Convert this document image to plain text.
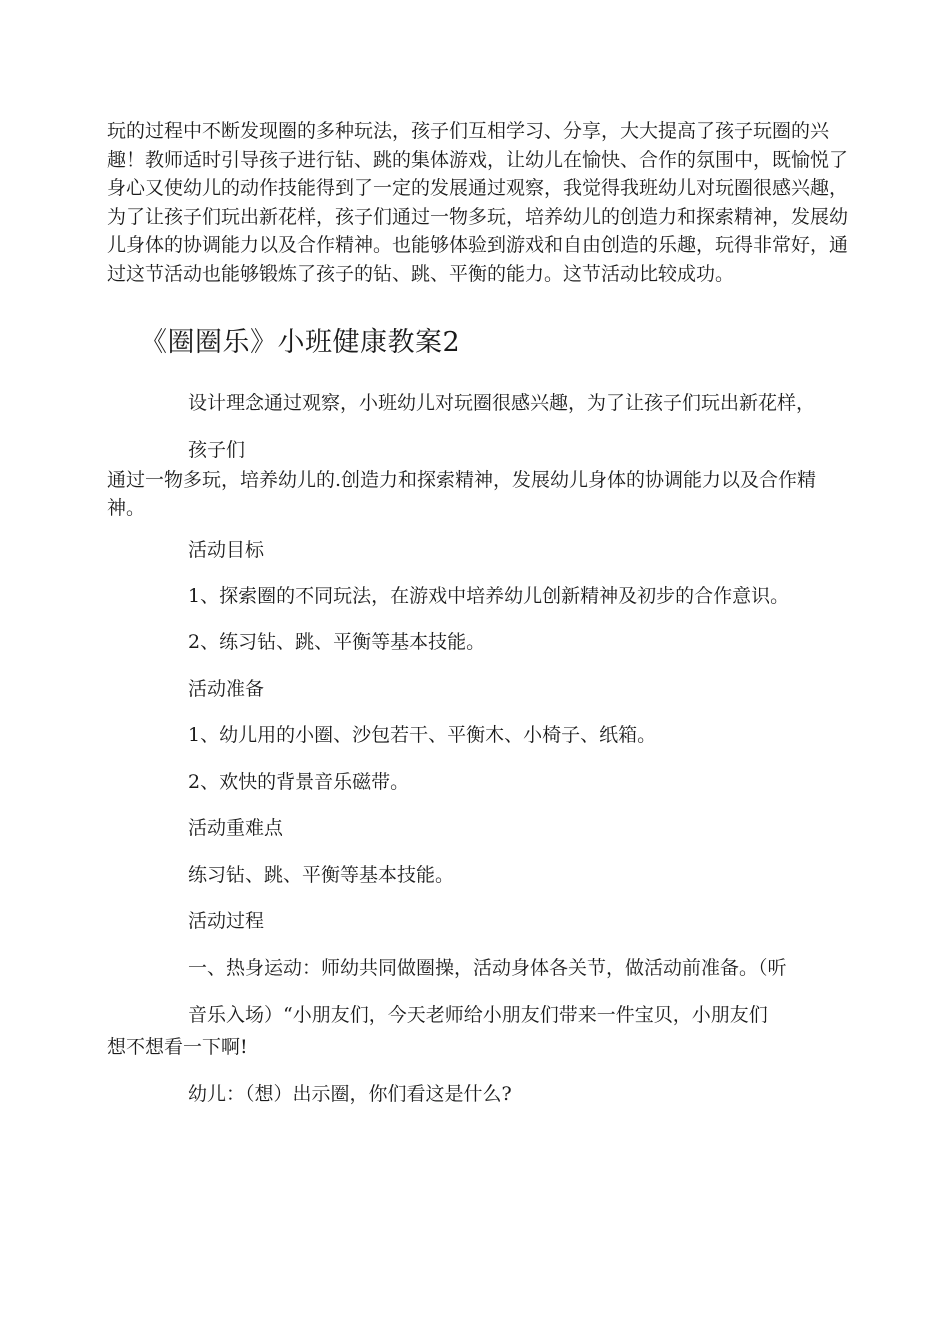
玩的过程中不断发现圈的多种玩法，孩子们互相学习、分享，大大提高了孩子玩圈的兴趣！教师适时引导孩子进行钻、跳的集体游戏，让幼儿在愉快、合作的氛围中，既愉悦了身心又使幼儿的动作技能得到了一定的发展通过观察，我觉得我班幼儿对玩圈很感兴趣，为了让孩子们玩出新花样，孩子们通过一物多玩，培养幼儿的创造力和探索精神，发展幼儿身体的协调能力以及合作精神。也能够体验到游戏和自由创造的乐趣，玩得非常好，通过这节活动也能够锻炼了孩子的钻、跳、平衡的能力。这节活动比较成功。

《圈圈乐》小班健康教案2

设计理念通过观察，小班幼儿对玩圈很感兴趣，为了让孩子们玩出新花样，

孩子们

通过一物多玩，培养幼儿的.创造力和探索精神，发展幼儿身体的协调能力以及合作精神。

活动目标

1、探索圈的不同玩法，在游戏中培养幼儿创新精神及初步的合作意识。

2、练习钻、跳、平衡等基本技能。

活动准备

1、幼儿用的小圈、沙包若干、平衡木、小椅子、纸箱。

2、欢快的背景音乐磁带。

活动重难点

练习钻、跳、平衡等基本技能。

活动过程

一、热身运动：师幼共同做圈操，活动身体各关节，做活动前准备。（听

音乐入场）“小朋友们，今天老师给小朋友们带来一件宝贝，小朋友们

想不想看一下啊!

幼儿：（想）出示圈，你们看这是什么?
